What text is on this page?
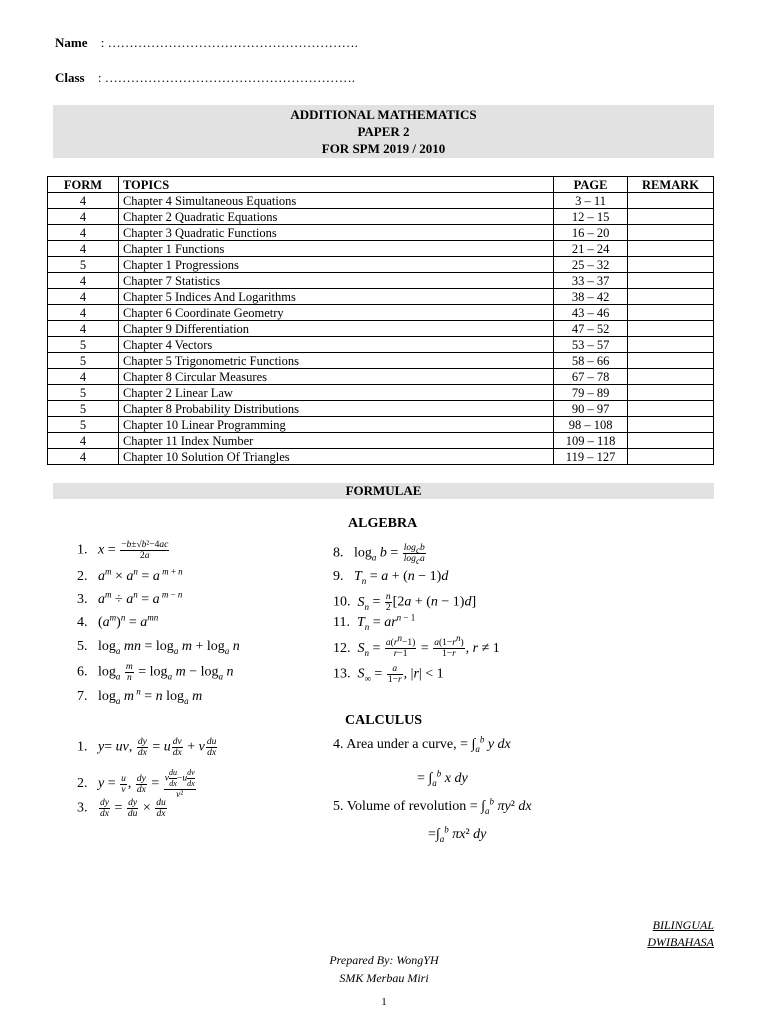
Name : ………………………………………………….
Class : ………………………………………………….
ADDITIONAL MATHEMATICS
PAPER 2
FOR SPM 2019 / 2010
FORM	TOPICS	PAGE	REMARK
4	Chapter 4 Simultaneous Equations	3 – 11	
4	Chapter 2 Quadratic Equations	12 – 15	
4	Chapter 3 Quadratic Functions	16 – 20	
4	Chapter 1 Functions	21 – 24	
5	Chapter 1 Progressions	25 – 32	
4	Chapter 7 Statistics	33 – 37	
4	Chapter 5 Indices And Logarithms	38 – 42	
4	Chapter 6 Coordinate Geometry	43 – 46	
4	Chapter 9 Differentiation	47 – 52	
5	Chapter 4 Vectors	53 – 57	
5	Chapter 5 Trigonometric Functions	58 – 66	
4	Chapter 8 Circular Measures	67 – 78	
5	Chapter 2 Linear Law	79 – 89	
5	Chapter 8 Probability Distributions	90 – 97	
5	Chapter 10 Linear Programming	98 – 108	
4	Chapter 11 Index Number	109 – 118	
4	Chapter 10 Solution Of Triangles	119 – 127	
FORMULAE
ALGEBRA
1.   $x = \frac{\text{−b±√b²−4ac}}{2a}$
2.   $a^m \times a^n = a$ $^{m + n}$
3.   $a^m \div a^n = a$ $^{m - n}$
4.   $(a^m)^n = a^{mn}$
5.   $\log_a$ mn = $\log_a m + \log_a n$
6.   $\log_a \frac{m}{n} = \log_a m - \log_a n$
7.   $\log_a m$ $^n$ = n $\log_a m$
8.   $\log_a b = \frac{\log_cb}{\log_ca}$
9.   $T_n = a + (n - 1)d$
10.  $S_n = \frac{n}{2} [2a + (n - 1)d]$
11.  $T_n = ar^{n - 1}$
12.  $S_n = \frac{a(r^n-1)}{r-1} = \frac{a(1-r^n)}{1-r}$ , r ≠ 1
13.  $S_\infty = \frac{a}{1-r}$ , |r| < 1
CALCULUS
1.   y= uv, $\frac{dy}{dx} = u \frac{dv}{dx} + v \frac{du}{dx}$
2.   $y = \frac{u}{v}$ , $\frac{dy}{dx} = \frac{v \frac{du}{dx}-u \frac{dv}{dx}}{\text{v²}}$
3. $\frac{dy}{dx} = \frac{dy}{du} \times \frac{du}{dx}$
4. Area under a curve, = $\int_a^b$ y dx
= $\int_a^b$ x dy
5. Volume of revolution = $\int_a^b$ πy² dx
$=\int_a^b$ πx² dy
BILINGUAL
DWIBAHASA
Prepared By: WongYH
SMK Merbau Miri
1
